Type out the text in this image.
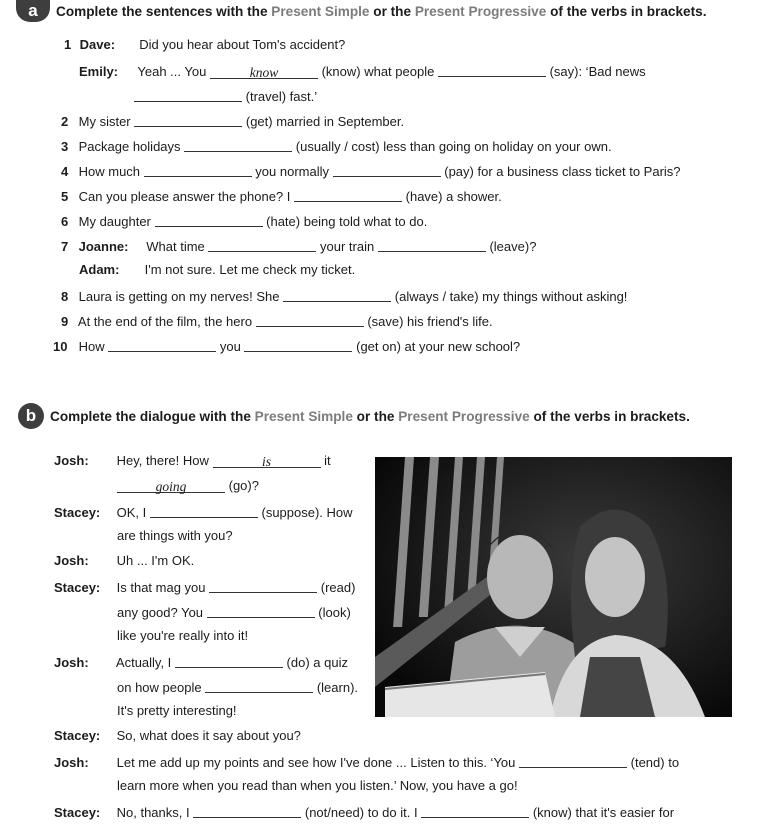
a Complete the sentences with the Present Simple or the Present Progressive of the verbs in brackets.
1 Dave: Did you hear about Tom's accident?
Emily: Yeah ... You	know	(know) what people	(say): ‘Bad news
(travel) fast.’
2 My sister	(get) married in September.
3 Package holidays	(usually / cost) less than going on holiday on your own.
4 How much	you normally	(pay) for a business class ticket to Paris?
5 Can you please answer the phone? I	(have) a shower.
6 My daughter	(hate) being told what to do.
7 Joanne: What time	your train	(leave)?
Adam: I'm not sure. Let me check my ticket.
8 Laura is getting on my nerves! She	(always / take) my things without asking!
9 At the end of the film, the hero	(save) his friend's life.
10 How	you	(get on) at your new school?
b Complete the dialogue with the Present Simple or the Present Progressive of the verbs in brackets.
Josh: Hey, there! How	is	it
going	(go)?
Stacey: OK, I	(suppose). How
are things with you?
Josh: Uh ... I'm OK.
Stacey: Is that mag you	(read)
any good? You	(look)
like you're really into it!
Josh: Actually, I	(do) a quiz
on how people	(learn).
It's pretty interesting!
Stacey: So, what does it say about you?
Josh: Let me add up my points and see how I've done ... Listen to this. ‘You	(tend) to
learn more when you read than when you listen.’ Now, you have a go!
Stacey: No, thanks, I	(not/need) to do it. I	(know) that it's easier for
